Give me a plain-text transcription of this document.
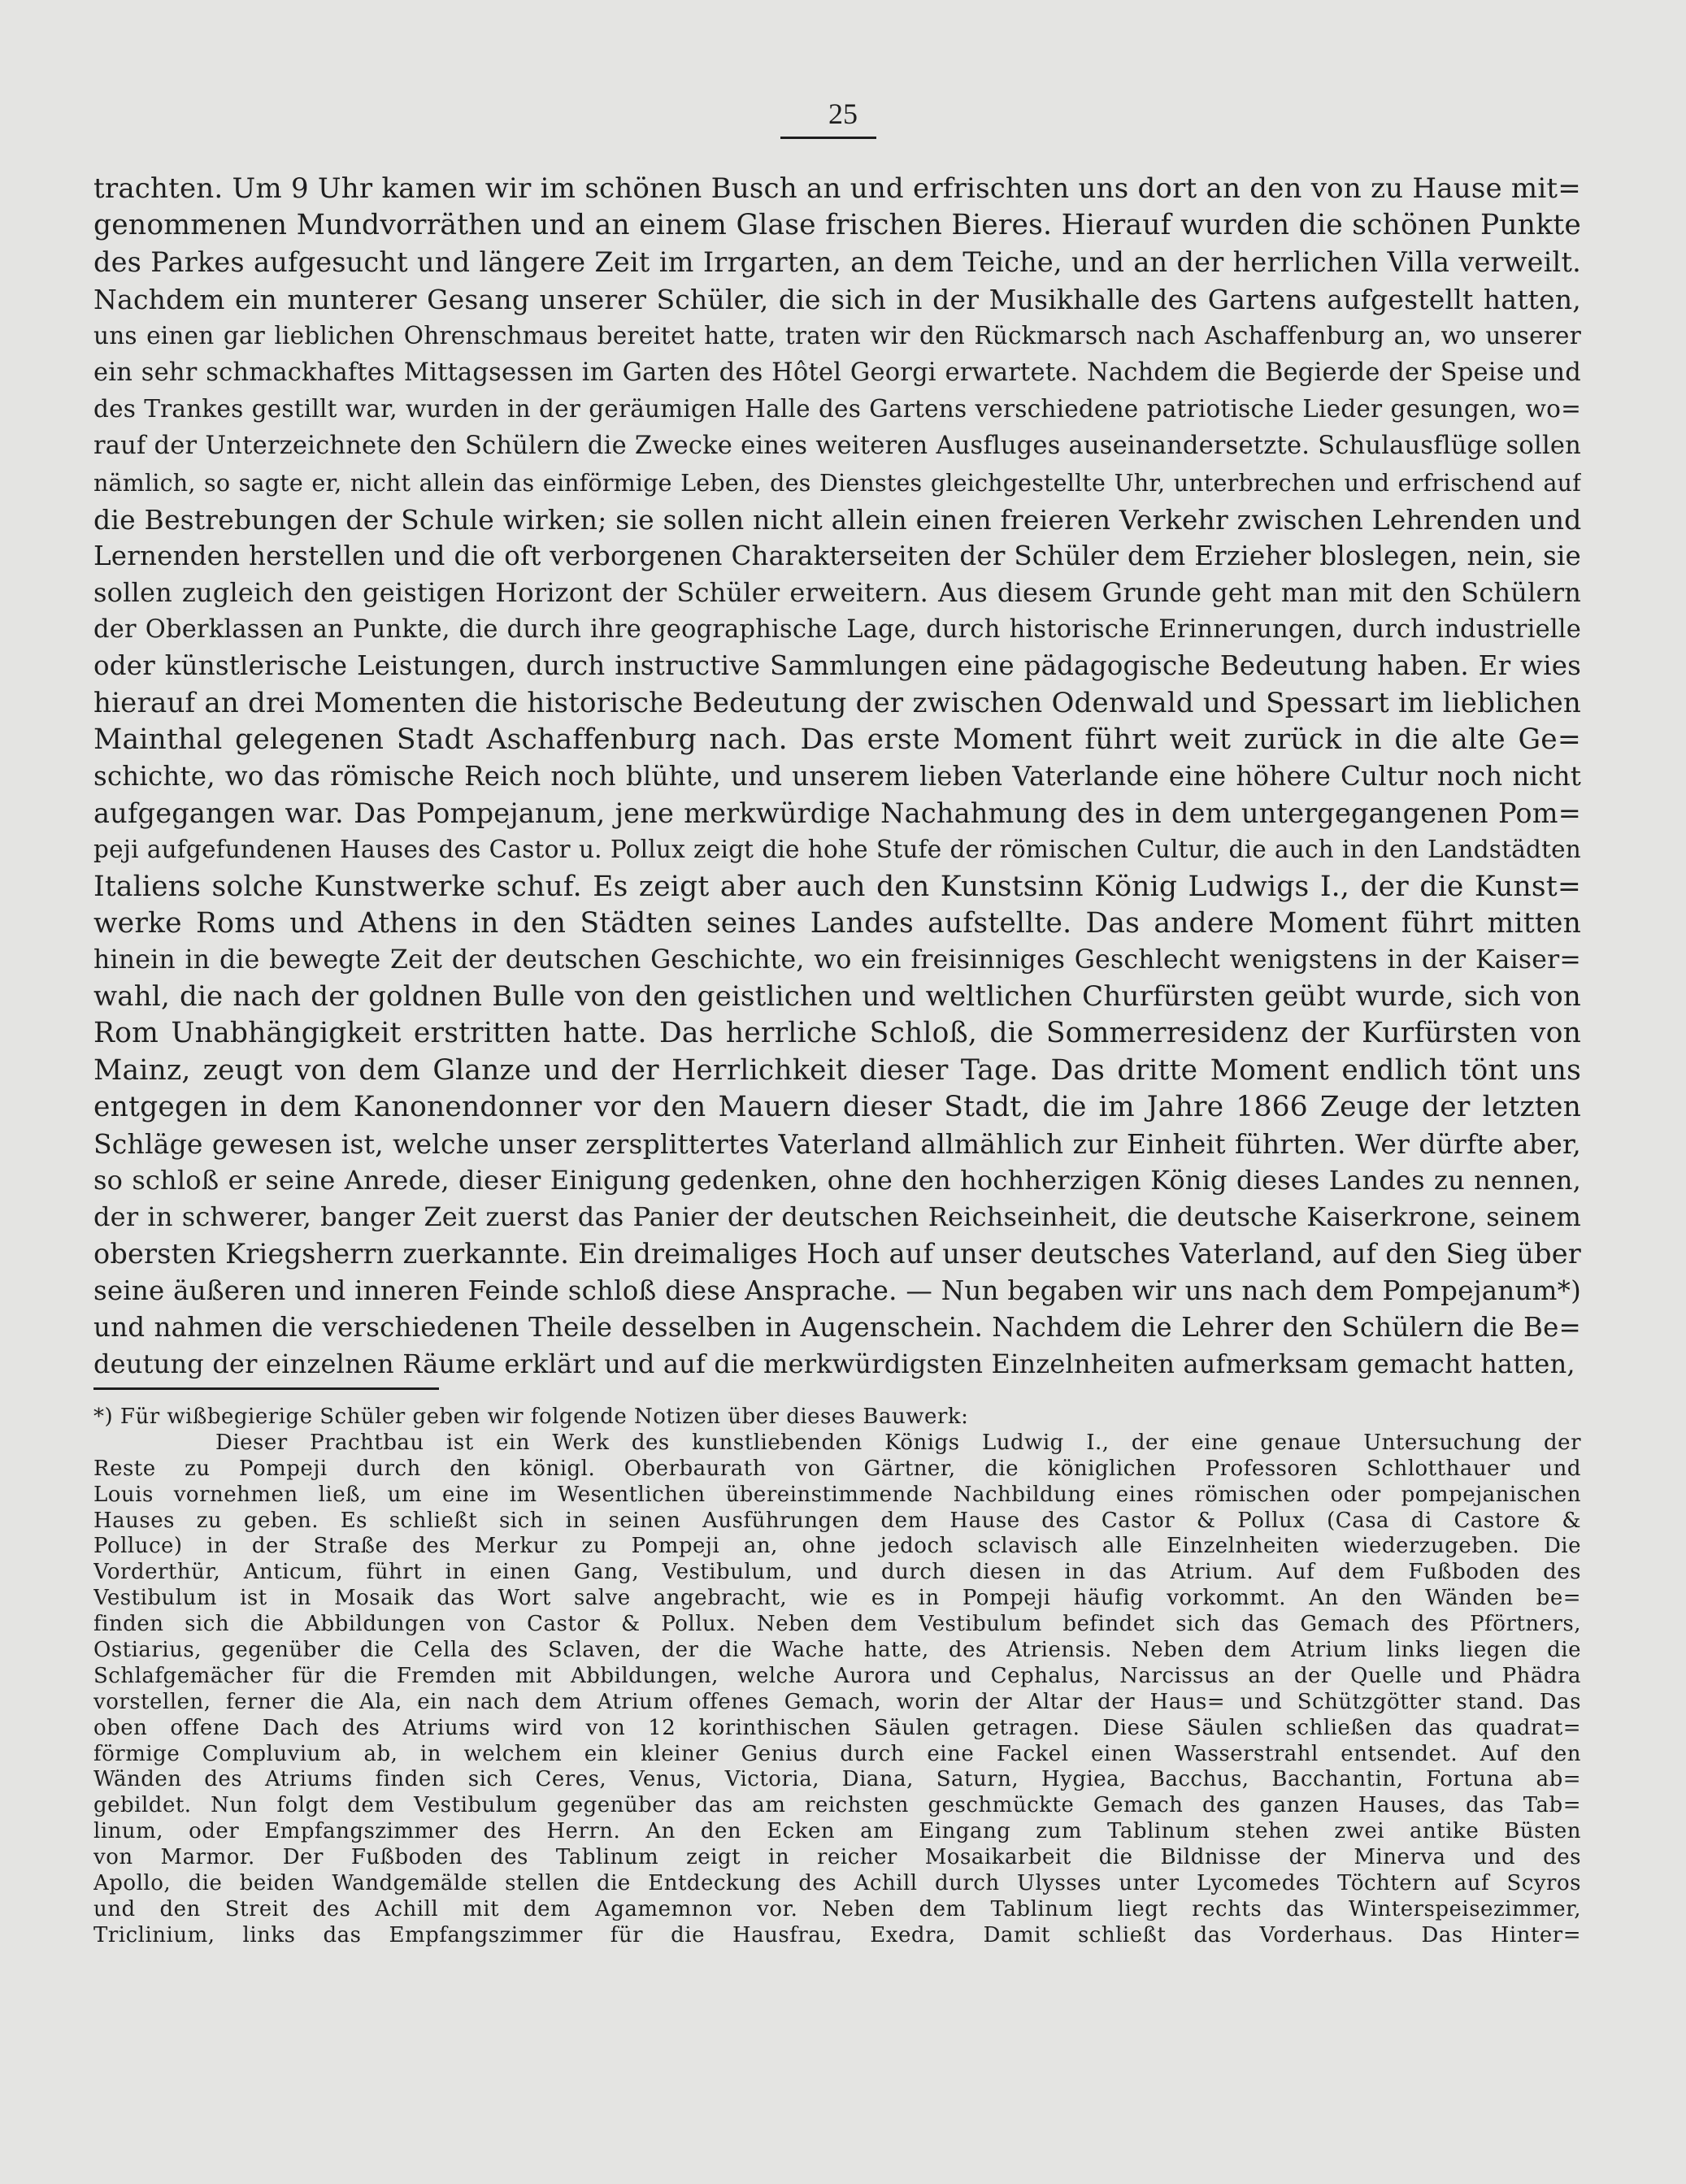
25
trachten. Um 9 Uhr kamen wir im schönen Busch an und erfrischten uns dort an den von zu Hause mit=
genommenen Mundvorräthen und an einem Glase frischen Bieres. Hierauf wurden die schönen Punkte
des Parkes aufgesucht und längere Zeit im Irrgarten, an dem Teiche, und an der herrlichen Villa verweilt.
Nachdem ein munterer Gesang unserer Schüler, die sich in der Musikhalle des Gartens aufgestellt hatten,
uns einen gar lieblichen Ohrenschmaus bereitet hatte, traten wir den Rückmarsch nach Aschaffenburg an, wo unserer
ein sehr schmackhaftes Mittagsessen im Garten des Hôtel Georgi erwartete. Nachdem die Begierde der Speise und
des Trankes gestillt war, wurden in der geräumigen Halle des Gartens verschiedene patriotische Lieder gesungen, wo=
rauf der Unterzeichnete den Schülern die Zwecke eines weiteren Ausfluges auseinandersetzte. Schulausflüge sollen
nämlich, so sagte er, nicht allein das einförmige Leben, des Dienstes gleichgestellte Uhr, unterbrechen und erfrischend auf
die Bestrebungen der Schule wirken; sie sollen nicht allein einen freieren Verkehr zwischen Lehrenden und
Lernenden herstellen und die oft verborgenen Charakterseiten der Schüler dem Erzieher bloslegen, nein, sie
sollen zugleich den geistigen Horizont der Schüler erweitern. Aus diesem Grunde geht man mit den Schülern
der Oberklassen an Punkte, die durch ihre geographische Lage, durch historische Erinnerungen, durch industrielle
oder künstlerische Leistungen, durch instructive Sammlungen eine pädagogische Bedeutung haben. Er wies
hierauf an drei Momenten die historische Bedeutung der zwischen Odenwald und Spessart im lieblichen
Mainthal gelegenen Stadt Aschaffenburg nach. Das erste Moment führt weit zurück in die alte Ge=
schichte, wo das römische Reich noch blühte, und unserem lieben Vaterlande eine höhere Cultur noch nicht
aufgegangen war. Das Pompejanum, jene merkwürdige Nachahmung des in dem untergegangenen Pom=
peji aufgefundenen Hauses des Castor u. Pollux zeigt die hohe Stufe der römischen Cultur, die auch in den Landstädten
Italiens solche Kunstwerke schuf. Es zeigt aber auch den Kunstsinn König Ludwigs I., der die Kunst=
werke Roms und Athens in den Städten seines Landes aufstellte. Das andere Moment führt mitten
hinein in die bewegte Zeit der deutschen Geschichte, wo ein freisinniges Geschlecht wenigstens in der Kaiser=
wahl, die nach der goldnen Bulle von den geistlichen und weltlichen Churfürsten geübt wurde, sich von
Rom Unabhängigkeit erstritten hatte. Das herrliche Schloß, die Sommerresidenz der Kurfürsten von
Mainz, zeugt von dem Glanze und der Herrlichkeit dieser Tage. Das dritte Moment endlich tönt uns
entgegen in dem Kanonendonner vor den Mauern dieser Stadt, die im Jahre 1866 Zeuge der letzten
Schläge gewesen ist, welche unser zersplittertes Vaterland allmählich zur Einheit führten. Wer dürfte aber,
so schloß er seine Anrede, dieser Einigung gedenken, ohne den hochherzigen König dieses Landes zu nennen,
der in schwerer, banger Zeit zuerst das Panier der deutschen Reichseinheit, die deutsche Kaiserkrone, seinem
obersten Kriegsherrn zuerkannte. Ein dreimaliges Hoch auf unser deutsches Vaterland, auf den Sieg über
seine äußeren und inneren Feinde schloß diese Ansprache. — Nun begaben wir uns nach dem Pompejanum*)
und nahmen die verschiedenen Theile desselben in Augenschein. Nachdem die Lehrer den Schülern die Be=
deutung der einzelnen Räume erklärt und auf die merkwürdigsten Einzelnheiten aufmerksam gemacht hatten,
*) Für wißbegierige Schüler geben wir folgende Notizen über dieses Bauwerk:
Dieser Prachtbau ist ein Werk des kunstliebenden Königs Ludwig I., der eine genaue Untersuchung der
Reste zu Pompeji durch den königl. Oberbaurath von Gärtner, die königlichen Professoren Schlotthauer und
Louis vornehmen ließ, um eine im Wesentlichen übereinstimmende Nachbildung eines römischen oder pompejanischen
Hauses zu geben. Es schließt sich in seinen Ausführungen dem Hause des Castor & Pollux (Casa di Castore &
Polluce) in der Straße des Merkur zu Pompeji an, ohne jedoch sclavisch alle Einzelnheiten wiederzugeben. Die
Vorderthür, Anticum, führt in einen Gang, Vestibulum, und durch diesen in das Atrium. Auf dem Fußboden des
Vestibulum ist in Mosaik das Wort salve angebracht, wie es in Pompeji häufig vorkommt. An den Wänden be=
finden sich die Abbildungen von Castor & Pollux. Neben dem Vestibulum befindet sich das Gemach des Pförtners,
Ostiarius, gegenüber die Cella des Sclaven, der die Wache hatte, des Atriensis. Neben dem Atrium links liegen die
Schlafgemächer für die Fremden mit Abbildungen, welche Aurora und Cephalus, Narcissus an der Quelle und Phädra
vorstellen, ferner die Ala, ein nach dem Atrium offenes Gemach, worin der Altar der Haus= und Schützgötter stand. Das
oben offene Dach des Atriums wird von 12 korinthischen Säulen getragen. Diese Säulen schließen das quadrat=
förmige Compluvium ab, in welchem ein kleiner Genius durch eine Fackel einen Wasserstrahl entsendet. Auf den
Wänden des Atriums finden sich Ceres, Venus, Victoria, Diana, Saturn, Hygiea, Bacchus, Bacchantin, Fortuna ab=
gebildet. Nun folgt dem Vestibulum gegenüber das am reichsten geschmückte Gemach des ganzen Hauses, das Tab=
linum, oder Empfangszimmer des Herrn. An den Ecken am Eingang zum Tablinum stehen zwei antike Büsten
von Marmor. Der Fußboden des Tablinum zeigt in reicher Mosaikarbeit die Bildnisse der Minerva und des
Apollo, die beiden Wandgemälde stellen die Entdeckung des Achill durch Ulysses unter Lycomedes Töchtern auf Scyros
und den Streit des Achill mit dem Agamemnon vor. Neben dem Tablinum liegt rechts das Winterspeisezimmer,
Triclinium, links das Empfangszimmer für die Hausfrau, Exedra, Damit schließt das Vorderhaus. Das Hinter=
